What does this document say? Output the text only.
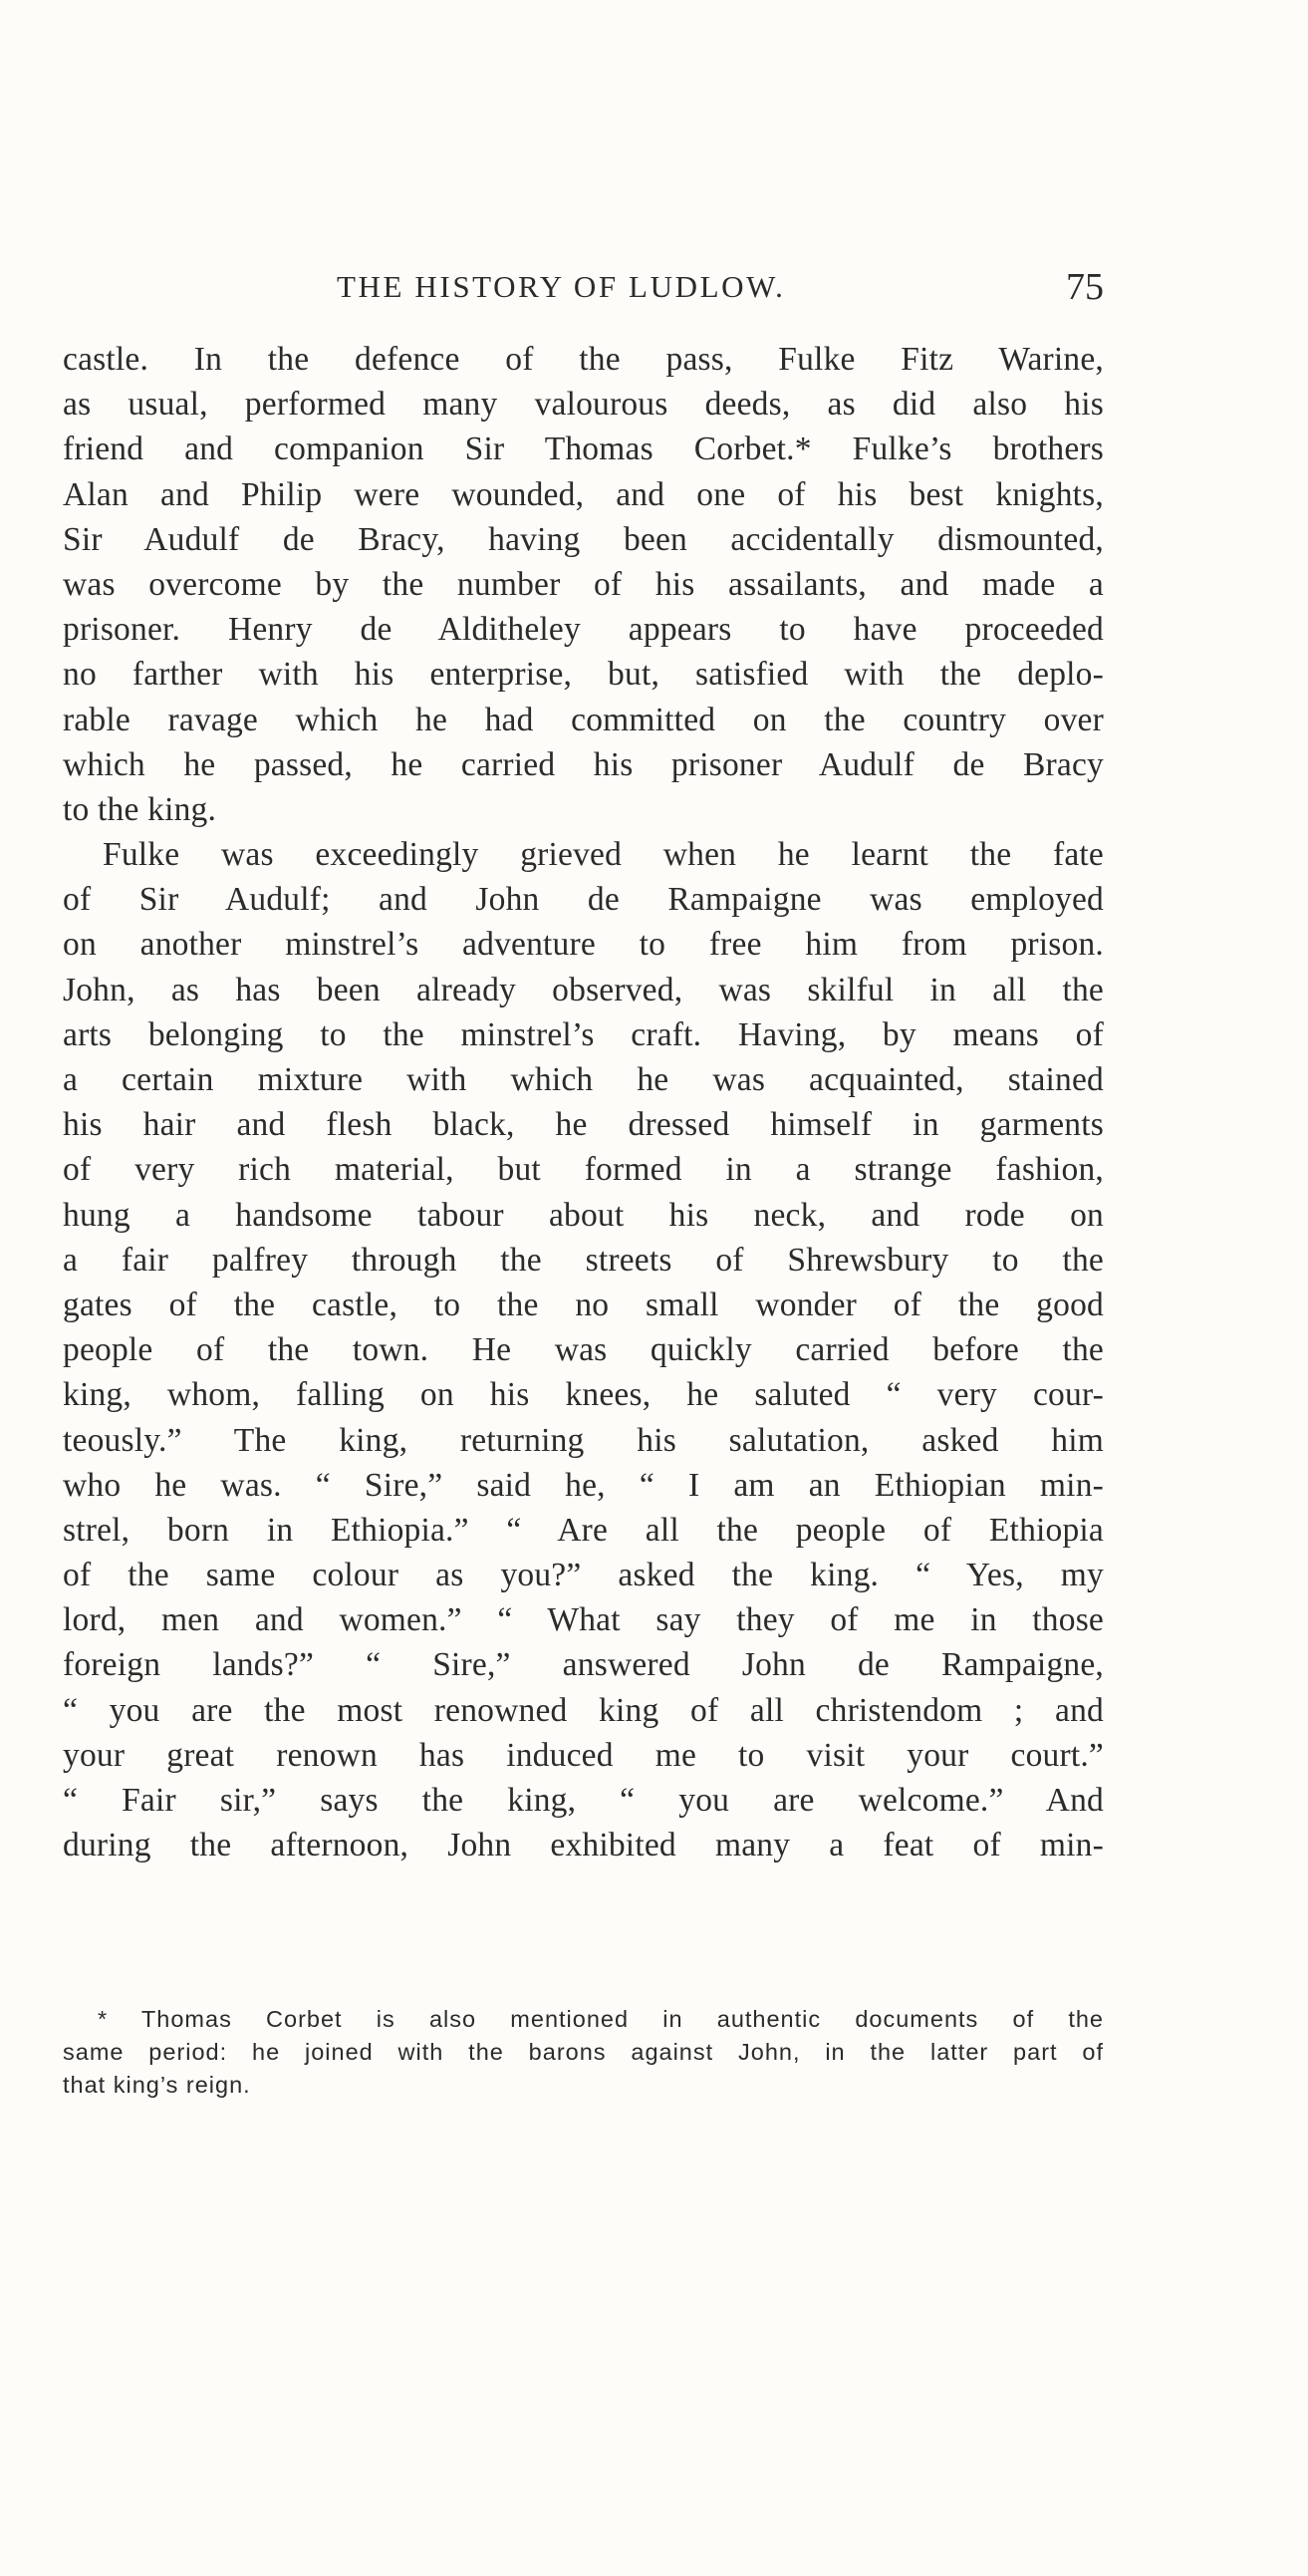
THE HISTORY OF LUDLOW.	75
castle. In the defence of the pass, Fulke Fitz Warine,
as usual, performed many valourous deeds, as did also his
friend and companion Sir Thomas Corbet.* Fulke’s brothers
Alan and Philip were wounded, and one of his best knights,
Sir Audulf de Bracy, having been accidentally dismounted,
was overcome by the number of his assailants, and made a
prisoner. Henry de Alditheley appears to have proceeded
no farther with his enterprise, but, satisfied with the deplo-
rable ravage which he had committed on the country over
which he passed, he carried his prisoner Audulf de Bracy
to the king.
Fulke was exceedingly grieved when he learnt the fate
of Sir Audulf; and John de Rampaigne was employed
on another minstrel’s adventure to free him from prison.
John, as has been already observed, was skilful in all the
arts belonging to the minstrel’s craft. Having, by means of
a certain mixture with which he was acquainted, stained
his hair and flesh black, he dressed himself in garments
of very rich material, but formed in a strange fashion,
hung a handsome tabour about his neck, and rode on
a fair palfrey through the streets of Shrewsbury to the
gates of the castle, to the no small wonder of the good
people of the town. He was quickly carried before the
king, whom, falling on his knees, he saluted “ very cour-
teously.” The king, returning his salutation, asked him
who he was. “ Sire,” said he, “ I am an Ethiopian min-
strel, born in Ethiopia.” “ Are all the people of Ethiopia
of the same colour as you?” asked the king. “ Yes, my
lord, men and women.” “ What say they of me in those
foreign lands?” “ Sire,” answered John de Rampaigne,
“ you are the most renowned king of all christendom ; and
your great renown has induced me to visit your court.”
“ Fair sir,” says the king, “ you are welcome.” And
during the afternoon, John exhibited many a feat of min-
* Thomas Corbet is also mentioned in authentic documents of the
same period: he joined with the barons against John, in the latter part of
that king’s reign.
